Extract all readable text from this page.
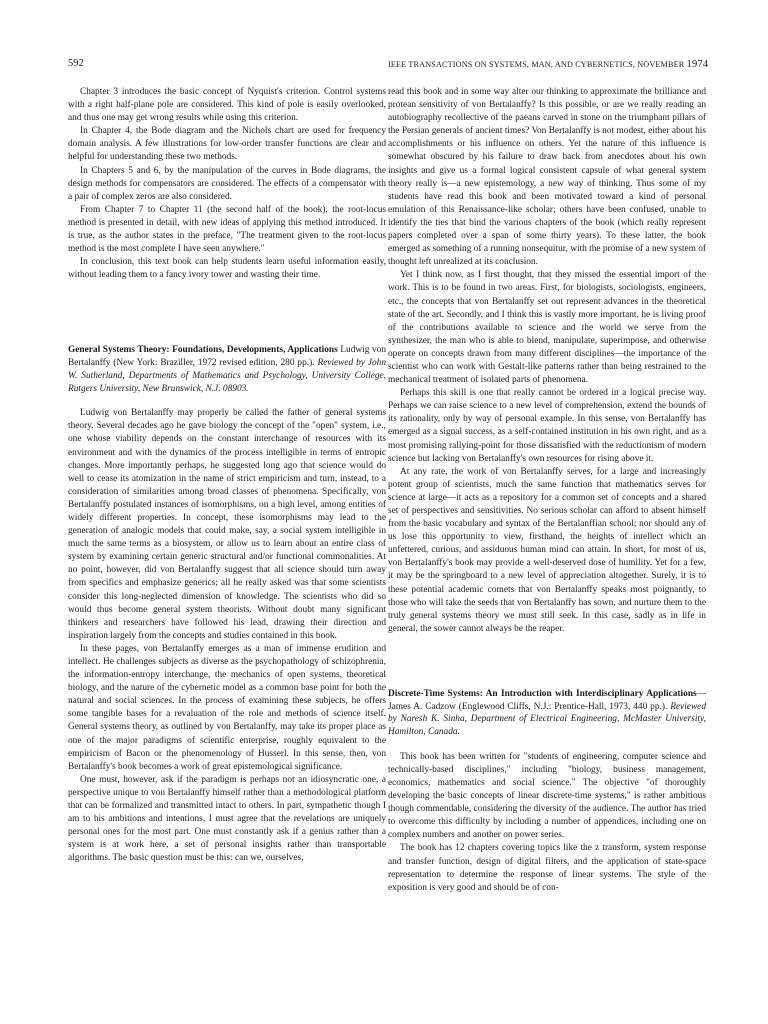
592	IEEE TRANSACTIONS ON SYSTEMS, MAN, AND CYBERNETICS, NOVEMBER 1974

Chapter 3 introduces the basic concept of Nyquist's criterion. Control systems with a right half-plane pole are considered. This kind of pole is easily overlooked, and thus one may get wrong results while using this criterion.

In Chapter 4, the Bode diagram and the Nichols chart are used for frequency domain analysis. A few illustrations for low-order transfer functions are clear and helpful for understanding these two methods.

In Chapters 5 and 6, by the manipulation of the curves in Bode diagrams, the design methods for compensators are considered. The effects of a compensator with a pair of complex zeros are also considered.

From Chapter 7 to Chapter 11 (the second half of the book), the root-locus method is presented in detail, with new ideas of applying this method introduced. It is true, as the author states in the preface, "The treatment given to the root-locus method is the most complete I have seen anywhere."

In conclusion, this text book can help students learn useful information easily, without leading them to a fancy ivory tower and wasting their time.

General Systems Theory: Foundations, Developments, Applications Ludwig von Bertalanffy (New York: Braziller, 1972 revised edition, 280 pp.). Reviewed by John W. Sutherland, Departments of Mathematics and Psychology, University College, Rutgers University, New Brunswick, N.J. 08903.

Ludwig von Bertalanffy may properly be called the father of general systems theory. Several decades ago he gave biology the concept of the "open" system, i.e., one whose viability depends on the constant interchange of resources with its environment and with the dynamics of the process intelligible in terms of entropic changes. More importantly perhaps, he suggested long ago that science would do well to cease its atomization in the name of strict empiricism and turn, instead, to a consideration of similarities among broad classes of phenomena. Specifically, von Bertalanffy postulated instances of isomorphisms, on a high level, among entities of widely different properties. In concept, these isomorphisms may lead to the generation of analogic models that could make, say, a social system intelligible in much the same terms as a biosystem, or allow us to learn about an entire class of system by examining certain generic structural and/or functional commonalities. At no point, however, did von Bertalanffy suggest that all science should turn away from specifics and emphasize generics; all he really asked was that some scientists consider this long-neglected dimension of knowledge. The scientists who did so would thus become general system theorists. Without doubt many significant thinkers and researchers have followed his lead, drawing their direction and inspiration largely from the concepts and studies contained in this book.

In these pages, von Bertalanffy emerges as a man of immense erudition and intellect. He challenges subjects as diverse as the psychopathology of schizophrenia, the information-entropy interchange, the mechanics of open systems, theoretical biology, and the nature of the cybernetic model as a common base point for both the natural and social sciences. In the process of examining these subjects, he offers some tangible bases for a revaluation of the role and methods of science itself. General systems theory, as outlined by von Bertalanffy, may take its proper place as one of the major paradigms of scientific enterprise, roughly equivalent to the empiricism of Bacon or the phenomenology of Husserl. In this sense, then, von Bertalanffy's book becomes a work of great epistemological significance.

One must, however, ask if the paradigm is perhaps not an idiosyncratic one, a perspective unique to von Bertalanffy himself rather than a methodological platform that can be formalized and transmitted intact to others. In part, sympathetic though I am to his ambitions and intentions, I must agree that the revelations are uniquely personal ones for the most part. One must constantly ask if a genius rather than a system is at work here, a set of personal insights rather than transportable algorithms. The basic question must be this: can we, ourselves,

read this book and in some way alter our thinking to approximate the brilliance and protean sensitivity of von Bertalanffy? Is this possible, or are we really reading an autobiography recollective of the paeans carved in stone on the triumphant pillars of the Persian generals of ancient times? Von Bertalanffy is not modest, either about his accomplishments or his influence on others. Yet the nature of this influence is somewhat obscured by his failure to draw back from anecdotes about his own insights and give us a formal logical consistent capsule of what general system theory really is—a new epistemology, a new way of thinking. Thus some of my students have read this book and been motivated toward a kind of personal emulation of this Renaissance-like scholar; others have been confused, unable to identify the ties that bind the various chapters of the book (which really represent papers completed over a span of some thirty years). To these latter, the book emerged as something of a running nonsequitur, with the promise of a new system of thought left unrealized at its conclusion.

Yet I think now, as I first thought, that they missed the essential import of the work. This is to be found in two areas. First, for biologists, sociologists, engineers, etc., the concepts that von Bertalanffy set out represent advances in the theoretical state of the art. Secondly, and I think this is vastly more important, he is living proof of the contributions available to science and the world we serve from the synthesizer, the man who is able to blend, manipulate, superimpose, and otherwise operate on concepts drawn from many different disciplines—the importance of the scientist who can work with Gestalt-like patterns rather than being restrained to the mechanical treatment of isolated parts of phenomena.

Perhaps this skill is one that really cannot be ordered in a logical precise way. Perhaps we can raise science to a new level of comprehension, extend the bounds of its rationality, only by way of personal example. In this sense, von Bertalanffy has emerged as a signal success, as a self-contained institution in his own right, and as a most promising rallying-point for those dissatisfied with the reductionism of modern science but lacking von Bertalanffy's own resources for rising above it.

At any rate, the work of von Bertalanffy serves, for a large and increasingly potent group of scientists, much the same function that mathematics serves for science at large—it acts as a repository for a common set of concepts and a shared set of perspectives and sensitivities. No serious scholar can afford to absent himself from the basic vocabulary and syntax of the Bertalanffian school; nor should any of us lose this opportunity to view, firsthand, the heights of intellect which an unfettered, curious, and assiduous human mind can attain. In short, for most of us, von Bertalanffy's book may provide a well-deserved dose of humility. Yet for a few, it may be the springboard to a new level of appreciation altogether. Surely, it is to these potential academic comets that von Bertalanffy speaks most poignantly, to those who will take the seeds that von Bertalanffy has sown, and nurture them to the truly general systems theory we must still seek. In this case, sadly as in life in general, the sower cannot always be the reaper.

Discrete-Time Systems: An Introduction with Interdisciplinary Applications—James A. Cadzow (Englewood Cliffs, N.J.: Prentice-Hall, 1973, 440 pp.). Reviewed by Naresh K. Sinha, Department of Electrical Engineering, McMaster University, Hamilton, Canada.

This book has been written for "students of engineering, computer science and technically-based disciplines," including "biology, business management, economics, mathematics and social science." The objective "of thoroughly developing the basic concepts of linear discrete-time systems," is rather ambitious though commendable, considering the diversity of the audience. The author has tried to overcome this difficulty by including a number of appendices, including one on complex numbers and another on power series.

The book has 12 chapters covering topics like the z transform, system response and transfer function, design of digital filters, and the application of state-space representation to determine the response of linear systems. The style of the exposition is very good and should be of con-
